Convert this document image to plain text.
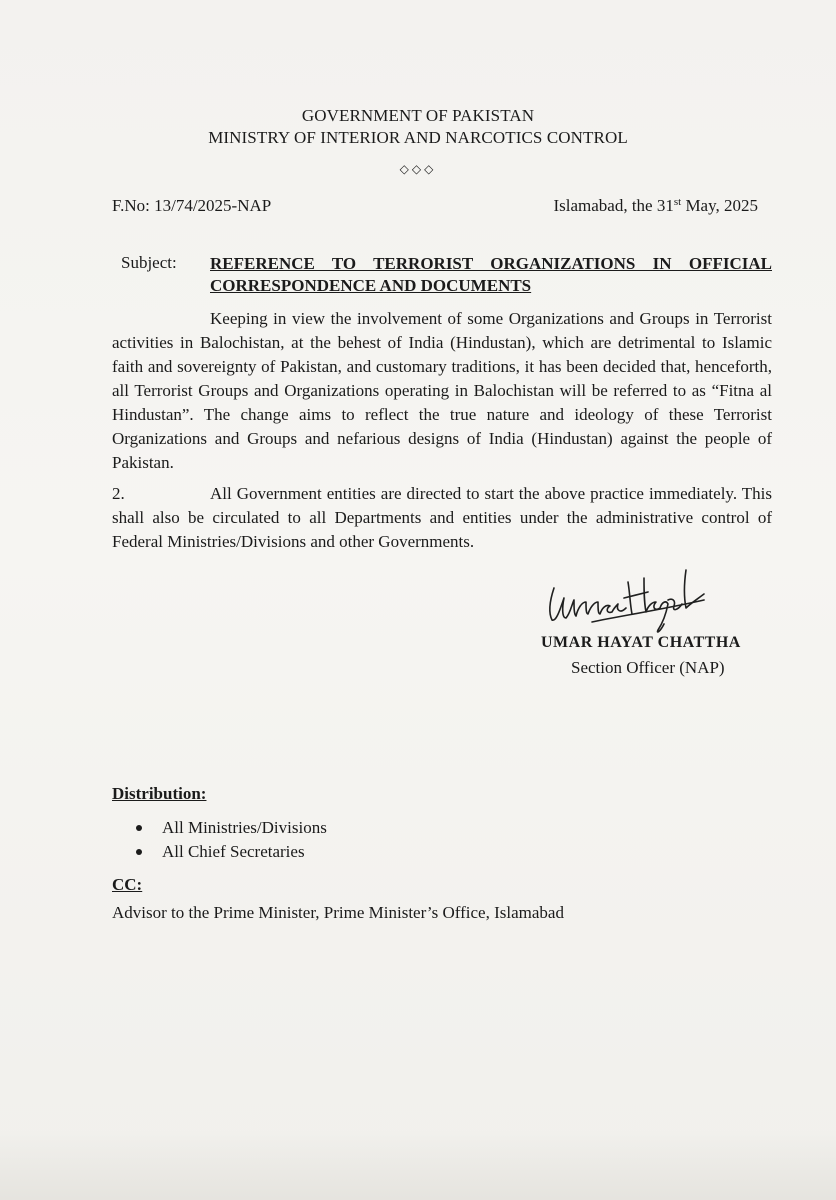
GOVERNMENT OF PAKISTAN
MINISTRY OF INTERIOR AND NARCOTICS CONTROL
◇◇◇
F.No: 13/74/2025-NAP	Islamabad, the 31st May, 2025
Subject: REFERENCE TO TERRORIST ORGANIZATIONS IN OFFICIAL CORRESPONDENCE AND DOCUMENTS
Keeping in view the involvement of some Organizations and Groups in Terrorist activities in Balochistan, at the behest of India (Hindustan), which are detrimental to Islamic faith and sovereignty of Pakistan, and customary traditions, it has been decided that, henceforth, all Terrorist Groups and Organizations operating in Balochistan will be referred to as “Fitna al Hindustan”. The change aims to reflect the true nature and ideology of these Terrorist Organizations and Groups and nefarious designs of India (Hindustan) against the people of Pakistan.
2.	All Government entities are directed to start the above practice immediately. This shall also be circulated to all Departments and entities under the administrative control of Federal Ministries/Divisions and other Governments.
UMAR HAYAT CHATTHA
Section Officer (NAP)
Distribution:
All Ministries/Divisions
All Chief Secretaries
CC:
Advisor to the Prime Minister, Prime Minister’s Office, Islamabad
